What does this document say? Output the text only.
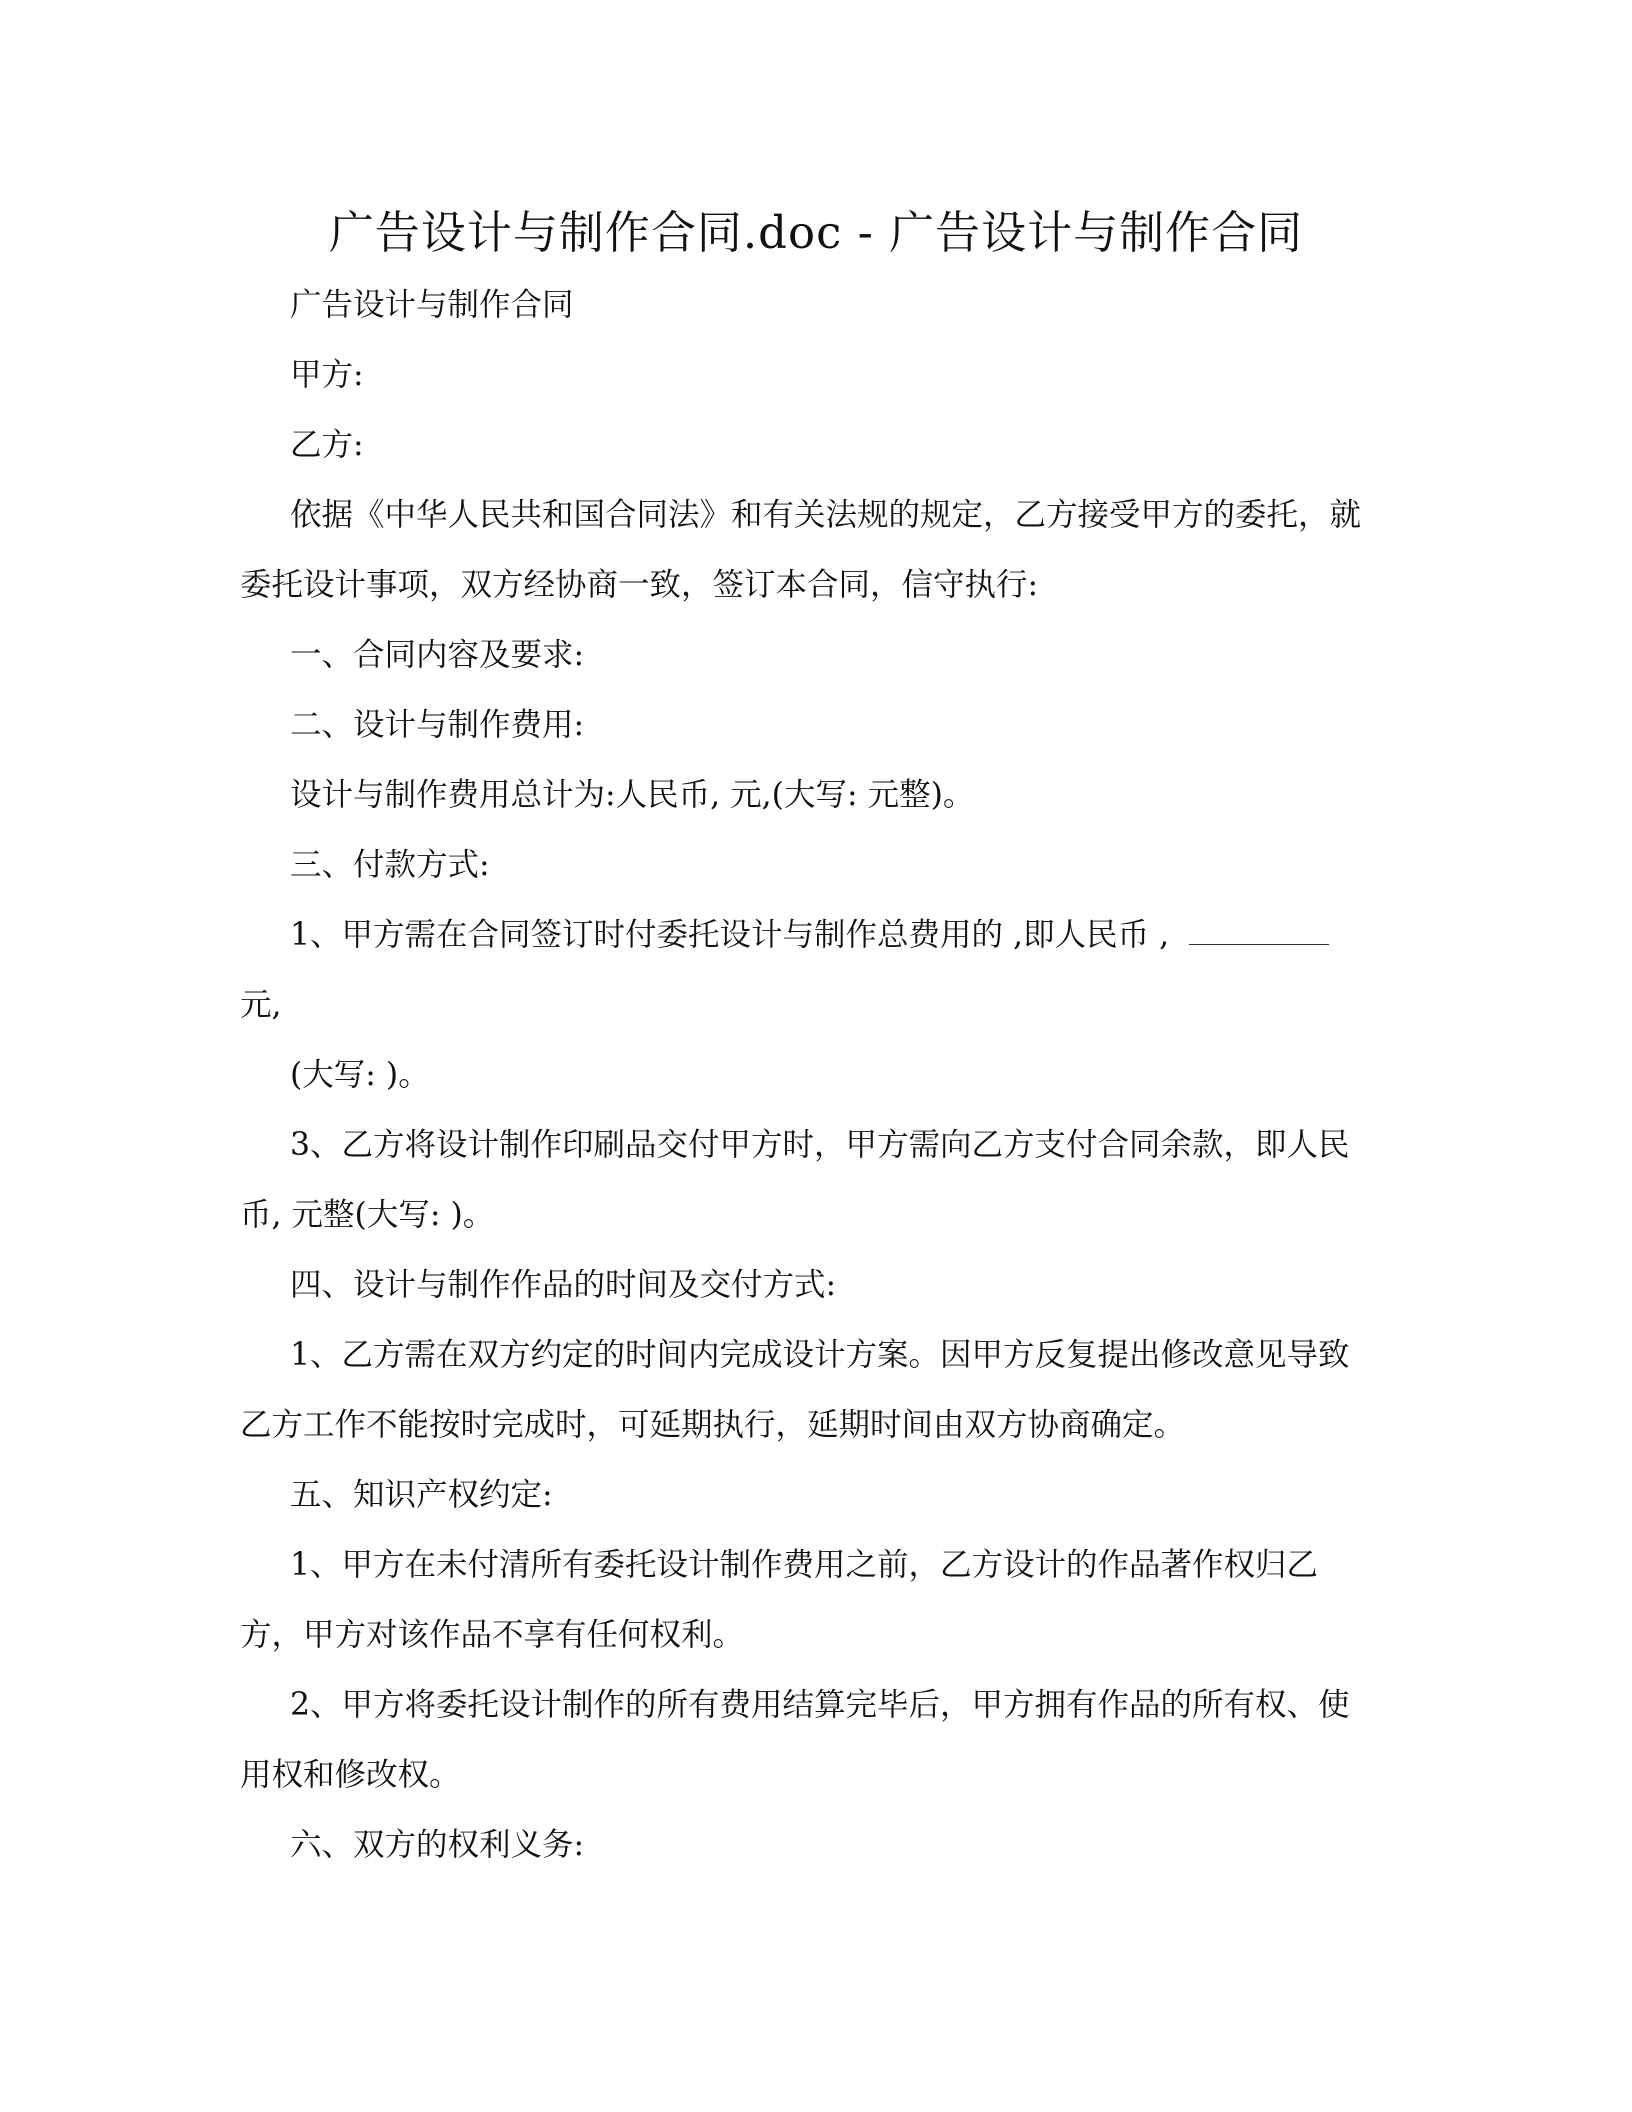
广告设计与制作合同.doc - 广告设计与制作合同
广告设计与制作合同
甲方:
乙方:
依据《中华人民共和国合同法》和有关法规的规定，乙方接受甲方的委托，就
委托设计事项，双方经协商一致，签订本合同，信守执行:
一、合同内容及要求:
二、设计与制作费用:
设计与制作费用总计为:人民币, 元,(大写: 元整)。
三、付款方式:
1、甲方需在合同签订时付委托设计与制作总费用的 ,即人民币 ,
元,
(大写: )。
3、乙方将设计制作印刷品交付甲方时，甲方需向乙方支付合同余款，即人民
币, 元整(大写: )。
四、设计与制作作品的时间及交付方式:
1、乙方需在双方约定的时间内完成设计方案。因甲方反复提出修改意见导致
乙方工作不能按时完成时，可延期执行，延期时间由双方协商确定。
五、知识产权约定:
1、甲方在未付清所有委托设计制作费用之前，乙方设计的作品著作权归乙
方，甲方对该作品不享有任何权利。
2、甲方将委托设计制作的所有费用结算完毕后，甲方拥有作品的所有权、使
用权和修改权。
六、双方的权利义务:
